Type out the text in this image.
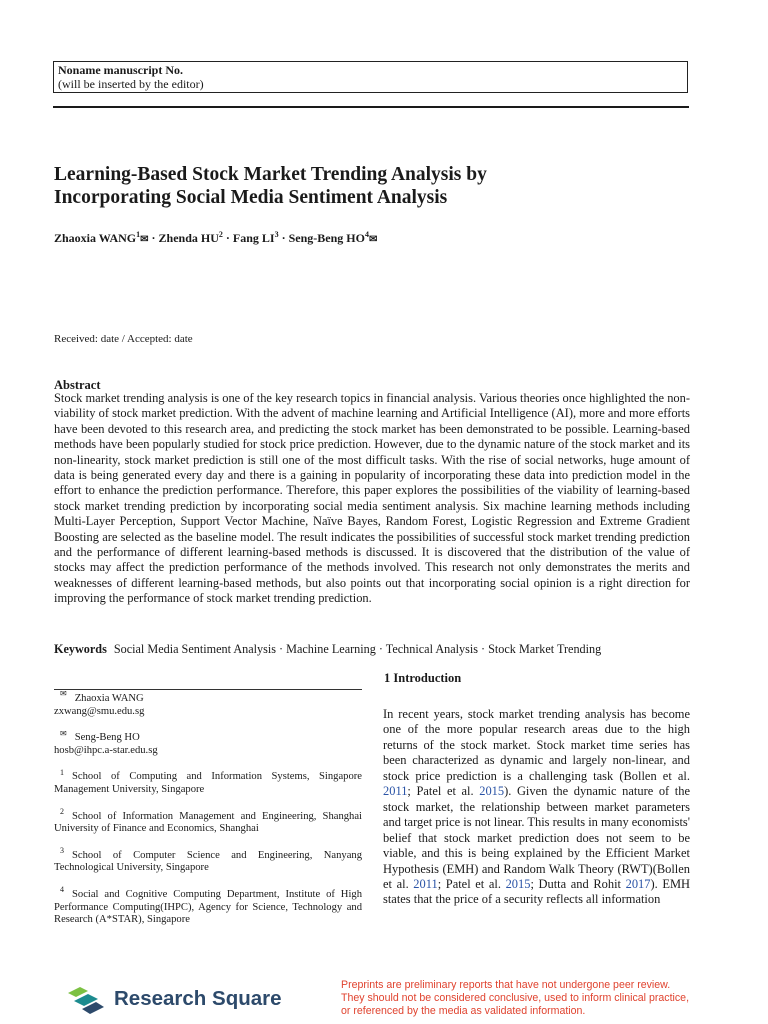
Noname manuscript No.
(will be inserted by the editor)
Learning-Based Stock Market Trending Analysis by
Incorporating Social Media Sentiment Analysis
Zhaoxia $WANG^1✉$ · Zhenda $HU^2$ · Fang $LI^3$ · Seng-Beng $HO^4✉$
Received: date / Accepted: date
Abstract
Stock market trending analysis is one of the key research topics in financial analysis. Various theories once highlighted the non-viability of stock market prediction. With the advent of machine learning and Artificial Intelligence (AI), more and more efforts have been devoted to this research area, and predicting the stock market has been demonstrated to be possible. Learning-based methods have been popularly studied for stock price prediction. However, due to the dynamic nature of the stock market and its non-linearity, stock market prediction is still one of the most difficult tasks. With the rise of social networks, huge amount of data is being generated every day and there is a gaining in popularity of incorporating these data into prediction model in the effort to enhance the prediction performance. Therefore, this paper explores the possibilities of the viability of learning-based stock market trending prediction by incorporating social media sentiment analysis. Six machine learning methods including Multi-Layer Perception, Support Vector Machine, Naïve Bayes, Random Forest, Logistic Regression and Extreme Gradient Boosting are selected as the baseline model. The result indicates the possibilities of successful stock market trending prediction and the performance of different learning-based methods is discussed. It is discovered that the distribution of the value of stocks may affect the prediction performance of the methods involved. This research not only demonstrates the merits and weaknesses of different learning-based methods, but also points out that incorporating social opinion is a right direction for improving the performance of stock market trending prediction.
Keywords Social Media Sentiment Analysis · Machine Learning · Technical Analysis · Stock Market Trending
✉ Zhaoxia WANG
zxwang@smu.edu.sg
✉ Seng-Beng HO
hosb@ihpc.a-star.edu.sg
$^1$ School of Computing and Information Systems, Singapore Management University, Singapore
$^2$ School of Information Management and Engineering, Shanghai University of Finance and Economics, Shanghai
$^3$ School of Computer Science and Engineering, Nanyang Technological University, Singapore
$^4$ Social and Cognitive Computing Department, Institute of High Performance Computing(IHPC), Agency for Science, Technology and Research (A*STAR), Singapore
1 Introduction
In recent years, stock market trending analysis has become one of the more popular research areas due to the high returns of the stock market. Stock market time series has been characterized as dynamic and largely non-linear, and stock price prediction is a challenging task (Bollen et al. 2011; Patel et al. 2015). Given the dynamic nature of the stock market, the relationship between market parameters and target price is not linear. This results in many economists' belief that stock market prediction does not seem to be viable, and this is being explained by the Efficient Market Hypothesis (EMH) and Random Walk Theory (RWT)(Bollen et al. 2011; Patel et al. 2015; Dutta and Rohit 2017). EMH states that the price of a security reflects all information
Research Square
Preprints are preliminary reports that have not undergone peer review.
They should not be considered conclusive, used to inform clinical practice,
or referenced by the media as validated information.
